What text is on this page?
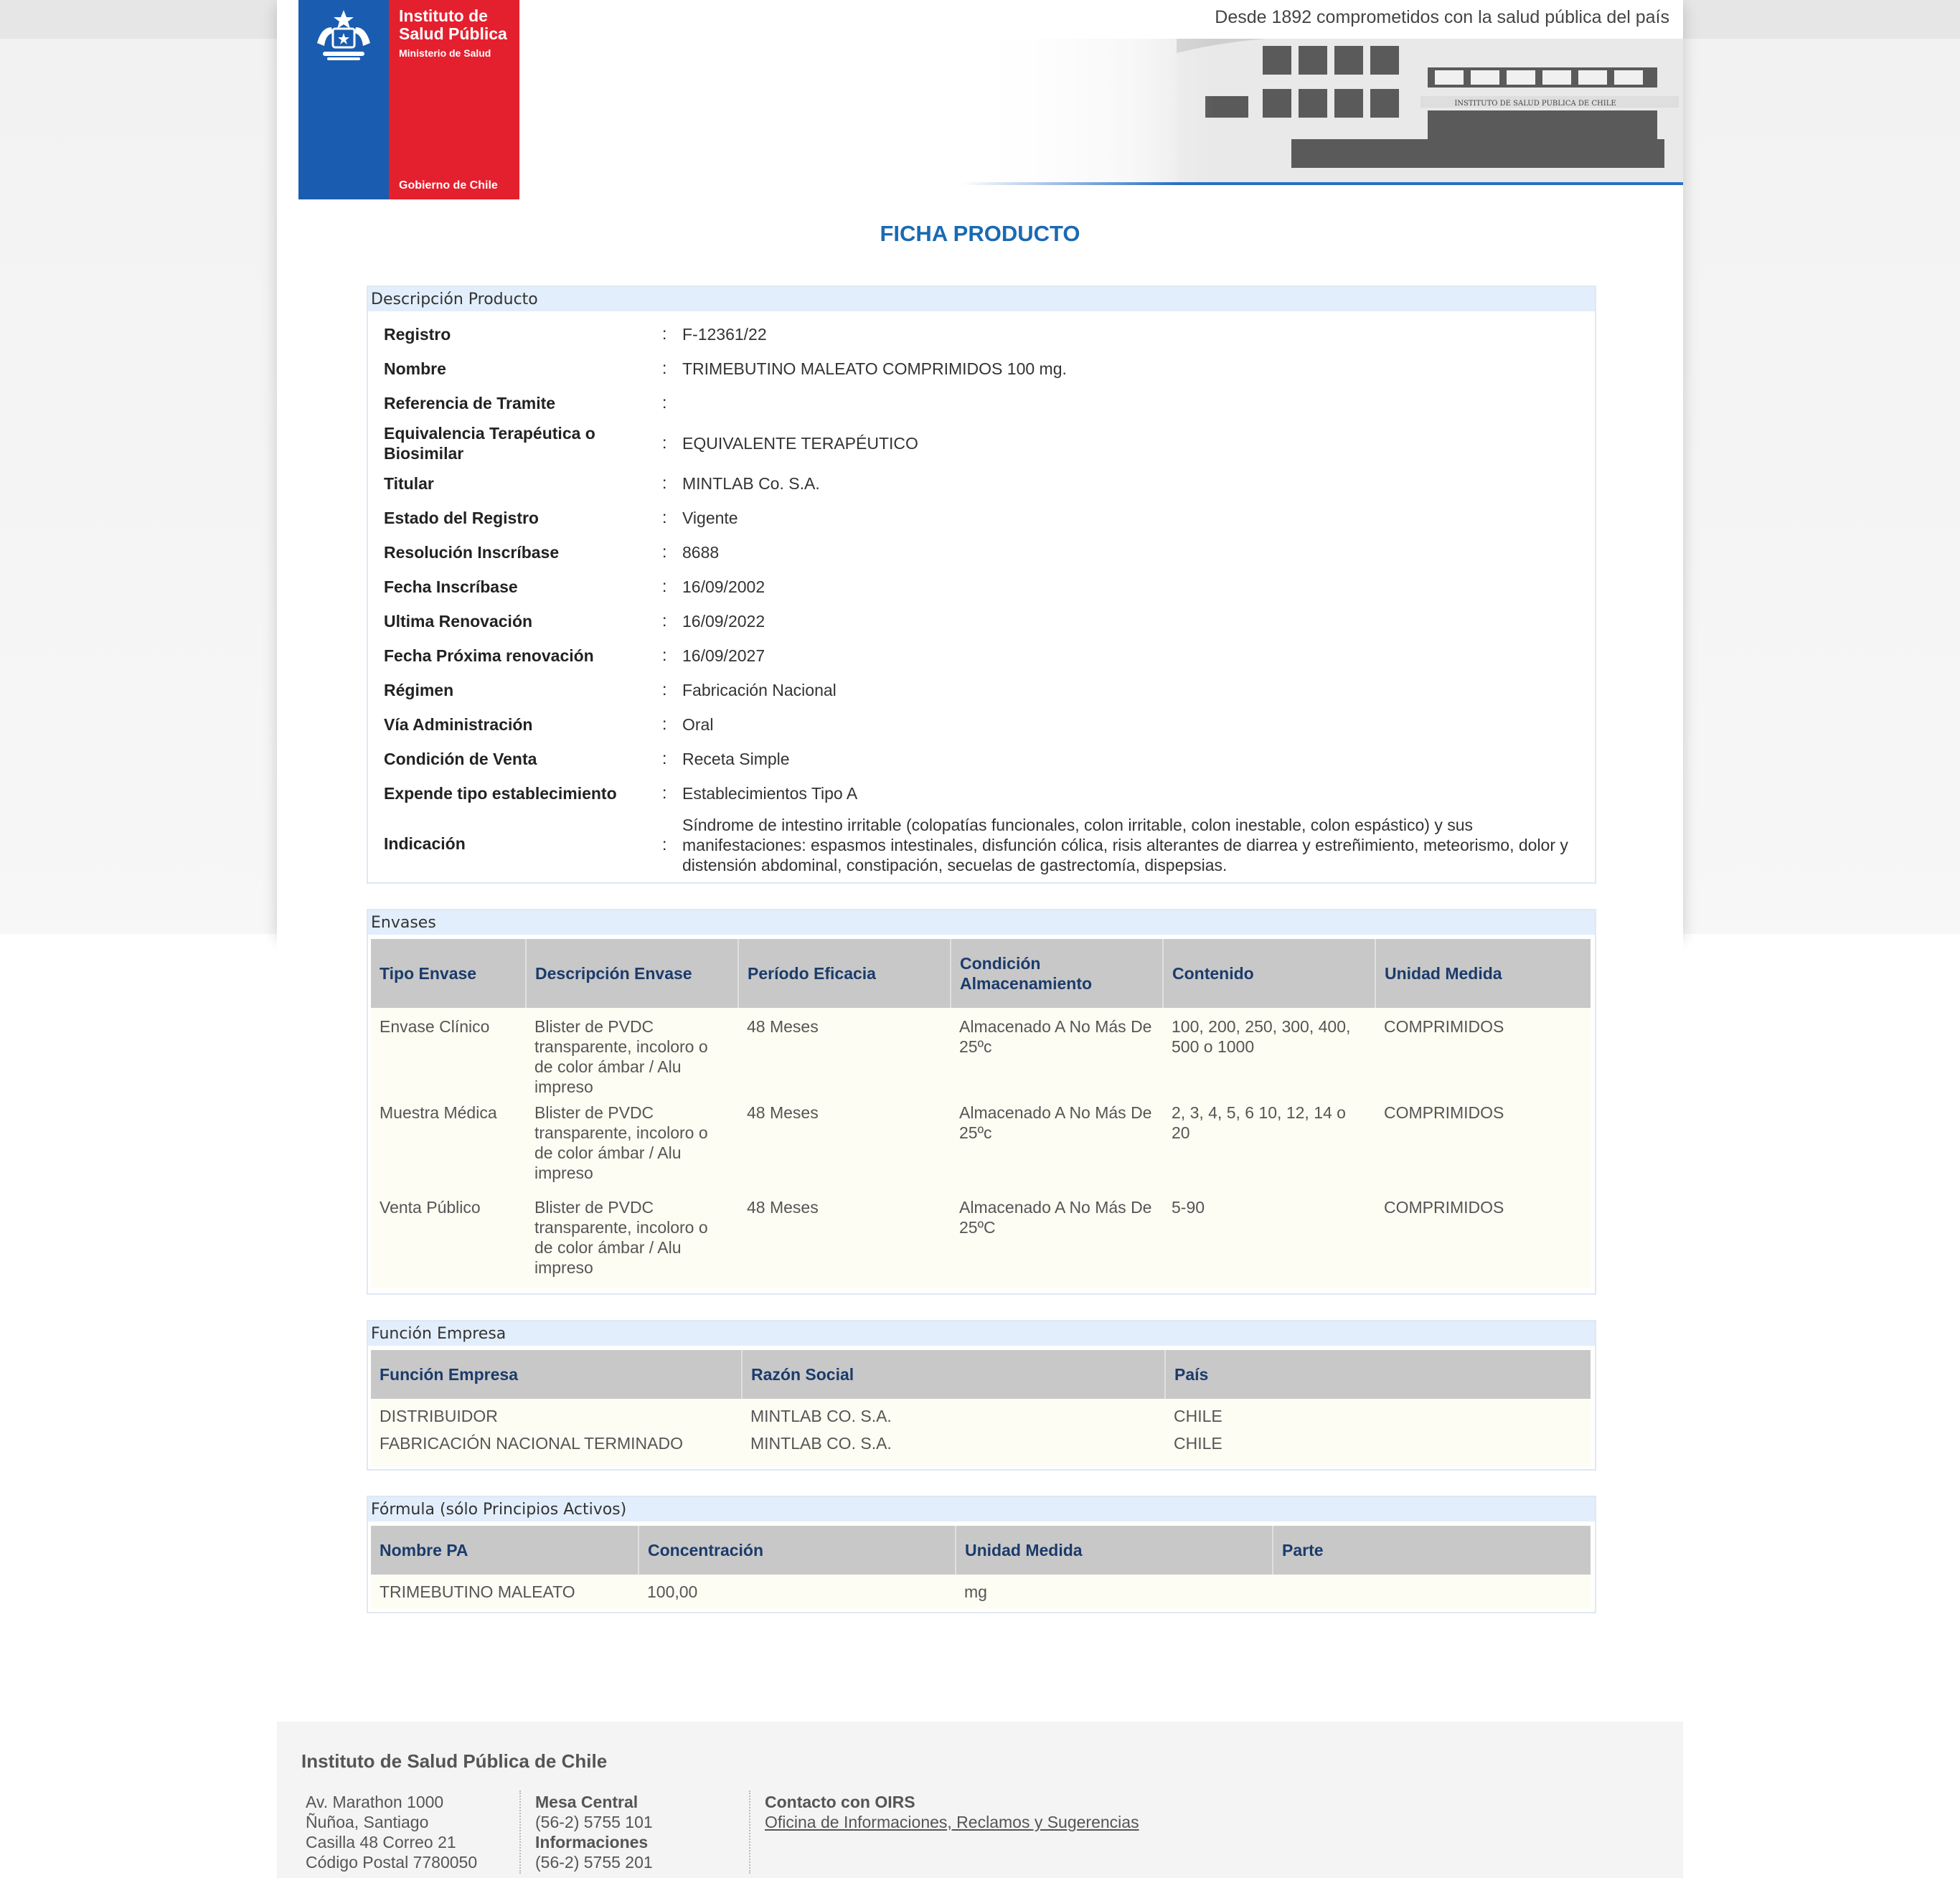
Desde 1892 comprometidos con la salud pública del país
Instituto de
Salud Pública
Ministerio de Salud
Gobierno de Chile
FICHA PRODUCTO
Descripción Producto
Registro	: F-12361/22
Nombre	: TRIMEBUTINO MALEATO COMPRIMIDOS 100 mg.
Referencia de Tramite	:
Equivalencia Terapéutica o Biosimilar
: EQUIVALENTE TERAPÉUTICO
Titular	: MINTLAB Co. S.A.
Estado del Registro	: Vigente
Resolución Inscríbase	: 8688
Fecha Inscríbase	: 16/09/2002
Ultima Renovación	: 16/09/2022
Fecha Próxima renovación	: 16/09/2027
Régimen	: Fabricación Nacional
Vía Administración	: Oral
Condición de Venta	: Receta Simple
Expende tipo establecimiento	: Establecimientos Tipo A
Indicación	:
Síndrome de intestino irritable (colopatías funcionales, colon irritable, colon inestable, colon espástico) y sus manifestaciones: espasmos intestinales, disfunción cólica, risis alterantes de diarrea y estreñimiento, meteorismo, dolor y distensión abdominal, constipación, secuelas de gastrectomía, dispepsias.
Envases
Tipo Envase	Descripción Envase	Período Eficacia	Condición Almacenamiento	Contenido	Unidad Medida
Envase Clínico	Blister de PVDC transparente, incoloro o de color ámbar / Alu impreso	48 Meses	Almacenado A No Más De 25ºc	100, 200, 250, 300, 400, 500 o 1000	COMPRIMIDOS
Muestra Médica	Blister de PVDC transparente, incoloro o de color ámbar / Alu impreso	48 Meses	Almacenado A No Más De 25ºc	2, 3, 4, 5, 6 10, 12, 14 o 20	COMPRIMIDOS
Venta Público	Blister de PVDC transparente, incoloro o de color ámbar / Alu impreso	48 Meses	Almacenado A No Más De 25ºC	5-90	COMPRIMIDOS
Función Empresa
Función Empresa	Razón Social	País
DISTRIBUIDOR	MINTLAB CO. S.A.	CHILE
FABRICACIÓN NACIONAL TERMINADO	MINTLAB CO. S.A.	CHILE
Fórmula (sólo Principios Activos)
Nombre PA	Concentración	Unidad Medida	Parte
TRIMEBUTINO MALEATO	100,00	mg	
Instituto de Salud Pública de Chile
Av. Marathon 1000
Ñuñoa, Santiago
Casilla 48 Correo 21
Código Postal 7780050
Mesa Central
(56-2) 5755 101
Informaciones
(56-2) 5755 201
Contacto con OIRS
Oficina de Informaciones, Reclamos y Sugerencias
